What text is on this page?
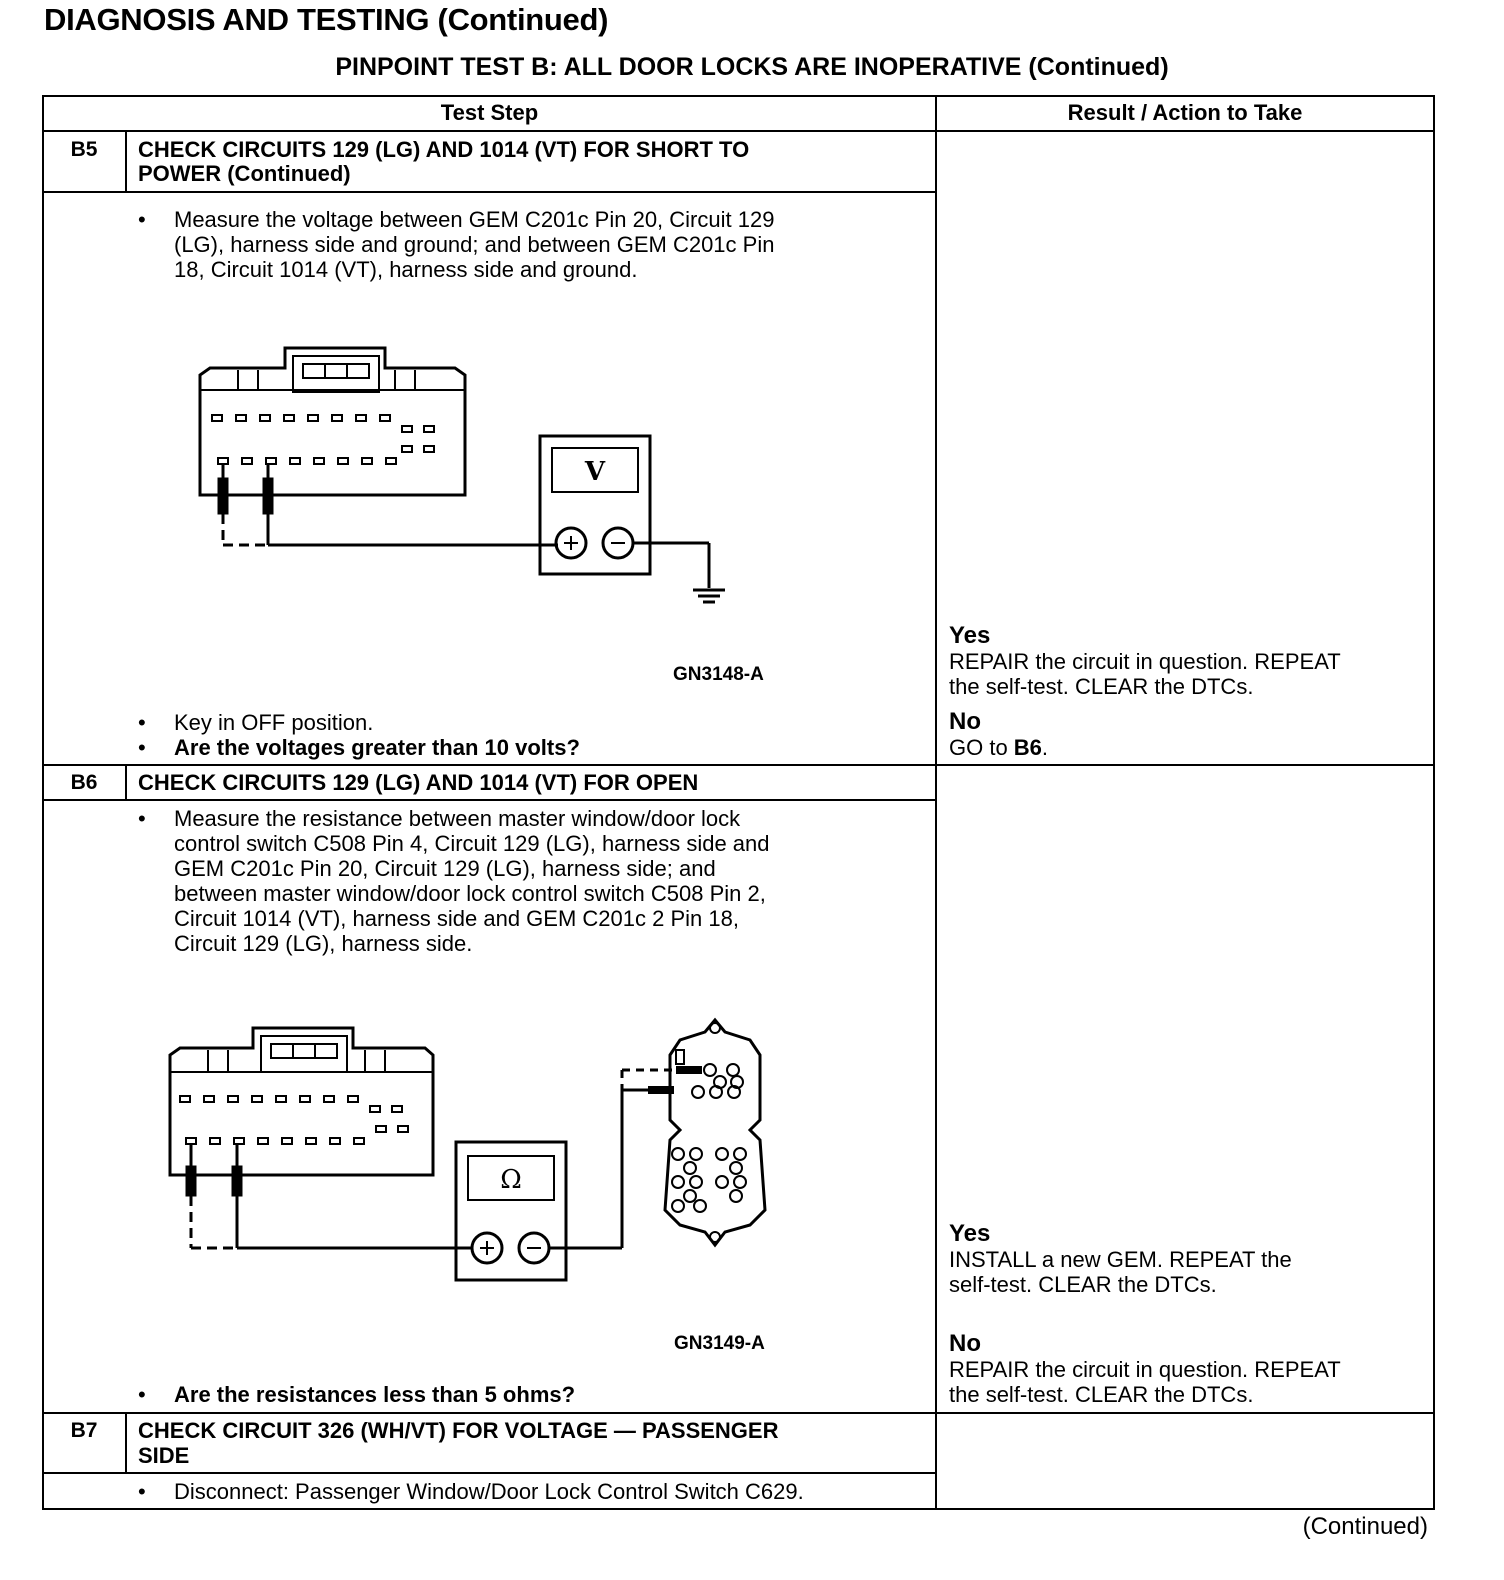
DIAGNOSIS AND TESTING (Continued)
PINPOINT TEST B: ALL DOOR LOCKS ARE INOPERATIVE (Continued)
Test Step	Result / Action to Take
B5	CHECK CIRCUITS 129 (LG) AND 1014 (VT) FOR SHORT TO
POWER (Continued)
• Measure the voltage between GEM C201c Pin 20, Circuit 129
(LG), harness side and ground; and between GEM C201c Pin
18, Circuit 1014 (VT), harness side and ground.
V
GN3148-A
• Key in OFF position.
• Are the voltages greater than 10 volts?
Yes
REPAIR the circuit in question. REPEAT
the self-test. CLEAR the DTCs.
No
GO to B6.
B6	CHECK CIRCUITS 129 (LG) AND 1014 (VT) FOR OPEN
• Measure the resistance between master window/door lock
control switch C508 Pin 4, Circuit 129 (LG), harness side and
GEM C201c Pin 20, Circuit 129 (LG), harness side; and
between master window/door lock control switch C508 Pin 2,
Circuit 1014 (VT), harness side and GEM C201c 2 Pin 18,
Circuit 129 (LG), harness side.
Ω
GN3149-A
• Are the resistances less than 5 ohms?
Yes
INSTALL a new GEM. REPEAT the
self-test. CLEAR the DTCs.
No
REPAIR the circuit in question. REPEAT
the self-test. CLEAR the DTCs.
B7	CHECK CIRCUIT 326 (WH/VT) FOR VOLTAGE — PASSENGER
SIDE
• Disconnect: Passenger Window/Door Lock Control Switch C629.
(Continued)
